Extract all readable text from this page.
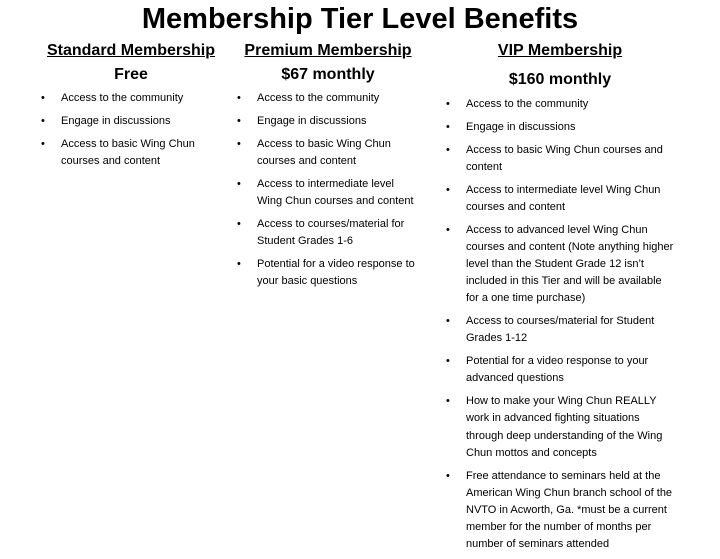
Membership Tier Level Benefits
Standard Membership
Free
• Access to the community
• Engage in discussions
• Access to basic Wing Chun courses and content
Premium Membership
$67 monthly
• Access to the community
• Engage in discussions
• Access to basic Wing Chun courses and content
• Access to intermediate level Wing Chun courses and content
• Access to courses/material for Student Grades 1-6
• Potential for a video response to your basic questions
VIP Membership
$160 monthly
• Access to the community
• Engage in discussions
• Access to basic Wing Chun courses and content
• Access to intermediate level Wing Chun courses and content
• Access to advanced level Wing Chun courses and content (Note anything higher level than the Student Grade 12 isn’t included in this Tier and will be available for a one time purchase)
• Access to courses/material for Student Grades 1-12
• Potential for a video response to your advanced questions
• How to make your Wing Chun REALLY work in advanced fighting situations through deep understanding of the Wing Chun mottos and concepts
• Free attendance to seminars held at the American Wing Chun branch school of the NVTO in Acworth, Ga. *must be a current member for the number of months per number of seminars attended
